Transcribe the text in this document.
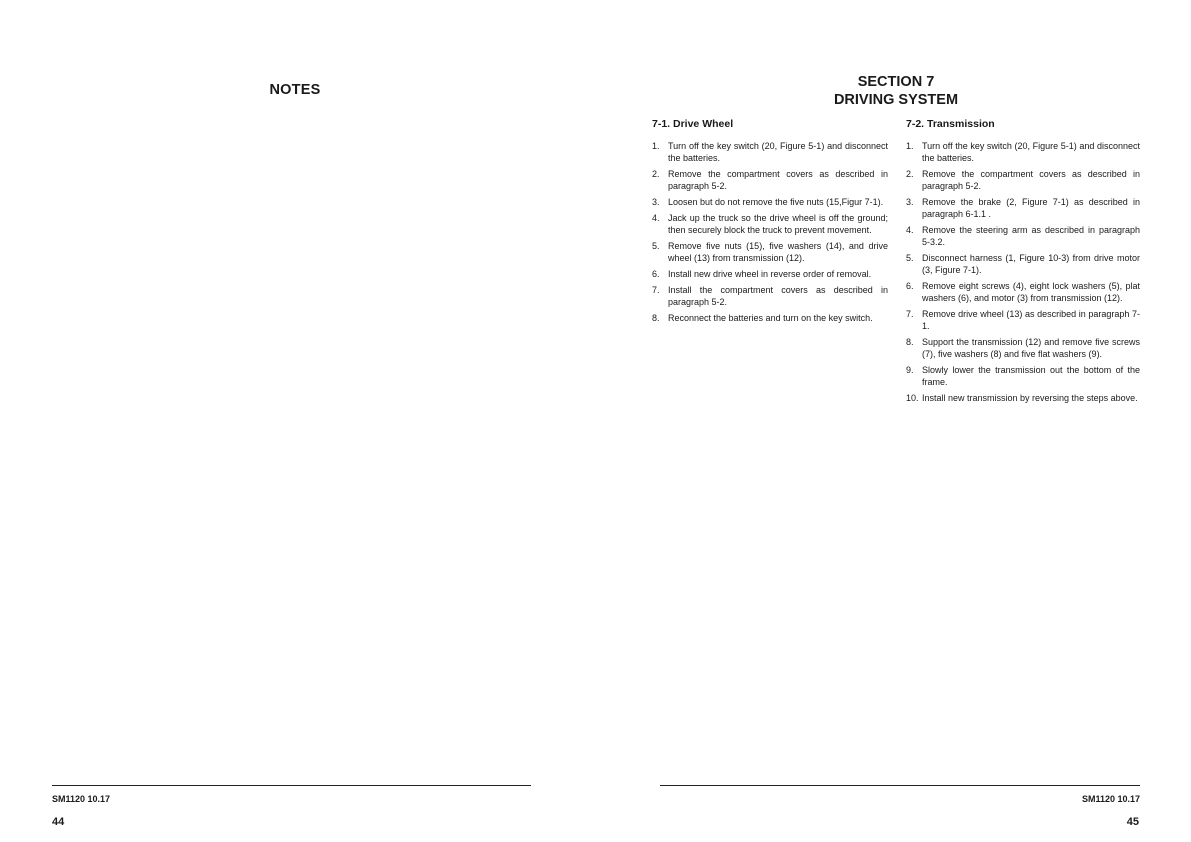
NOTES
SM1120 10.17
44
SECTION 7
DRIVING SYSTEM
7-1. Drive Wheel
1. Turn off the key switch (20, Figure 5-1) and disconnect the batteries.
2. Remove the compartment covers as described in paragraph 5-2.
3. Loosen but do not remove the five nuts (15,Figur 7-1).
4. Jack up the truck so the drive wheel is off the ground; then securely block the truck to prevent movement.
5. Remove five nuts (15), five washers (14), and drive wheel (13) from transmission (12).
6. Install new drive wheel in reverse order of removal.
7. Install the compartment covers as described in paragraph 5-2.
8. Reconnect the batteries and turn on the key switch.
7-2. Transmission
1. Turn off the key switch (20, Figure 5-1) and disconnect the batteries.
2. Remove the compartment covers as described in paragraph 5-2.
3. Remove the brake (2, Figure 7-1) as described in paragraph 6-1.1 .
4. Remove the steering arm as described in paragraph 5-3.2.
5. Disconnect harness (1, Figure 10-3) from drive motor (3, Figure 7-1).
6. Remove eight screws (4), eight lock washers (5), plat washers (6), and motor (3) from transmission (12).
7. Remove drive wheel (13) as described in paragraph 7-1.
8. Support the transmission (12) and remove five screws (7), five washers (8) and five flat washers (9).
9. Slowly lower the transmission out the bottom of the frame.
10. Install new transmission by reversing the steps above.
SM1120 10.17
45
